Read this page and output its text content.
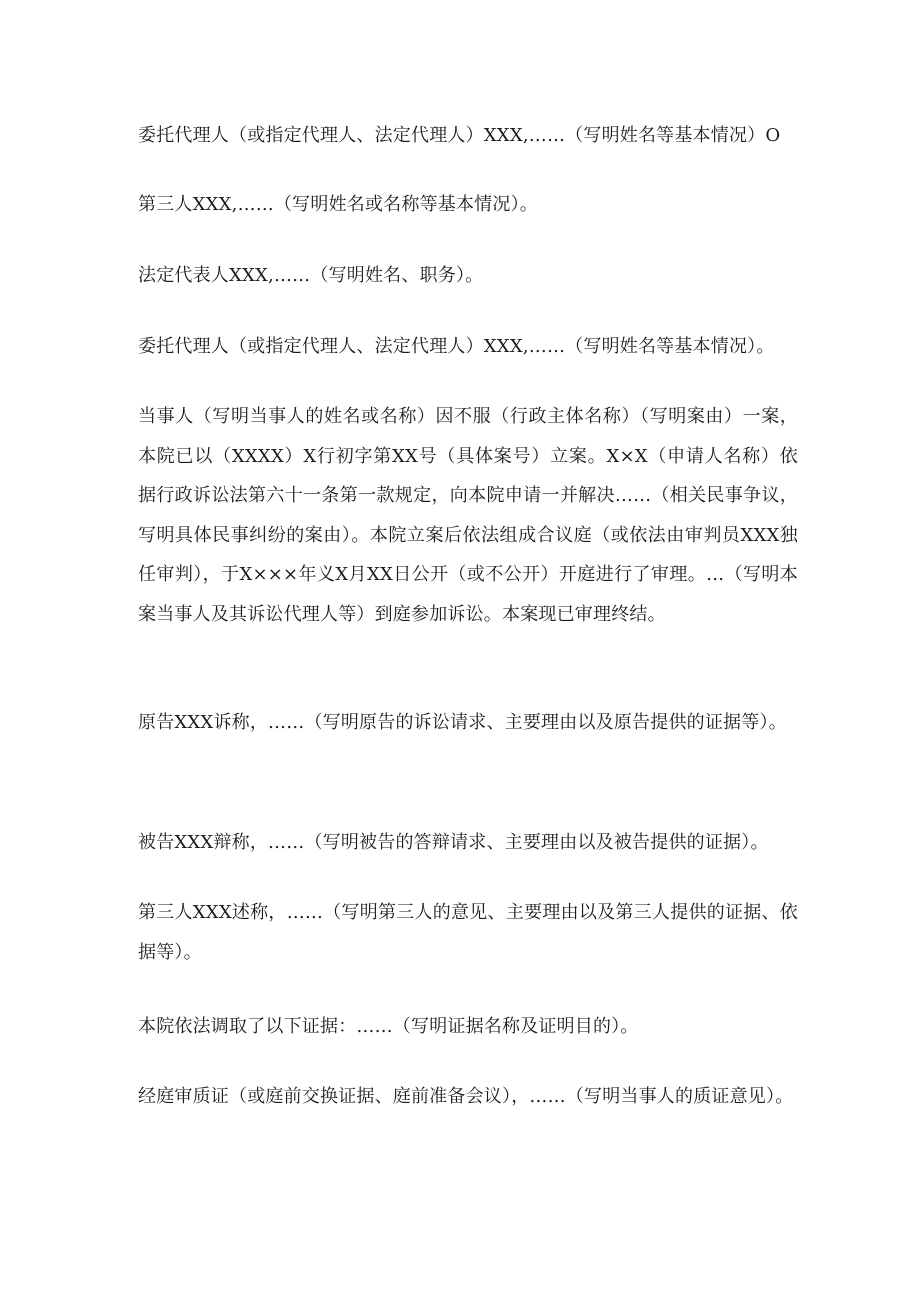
委托代理人（或指定代理人、法定代理人）XXX,……（写明姓名等基本情况）O

第三人XXX,……（写明姓名或名称等基本情况）。

法定代表人XXX,……（写明姓名、职务）。

委托代理人（或指定代理人、法定代理人）XXX,……（写明姓名等基本情况）。

当事人（写明当事人的姓名或名称）因不服（行政主体名称）（写明案由）一案，本院已以（XXXX）X行初字第XX号（具体案号）立案。X×X（申请人名称）依据行政诉讼法第六十一条第一款规定，向本院申请一并解决……（相关民事争议，写明具体民事纠纷的案由）。本院立案后依法组成合议庭（或依法由审判员XXX独任审判），于X×××年义X月XX日公开（或不公开）开庭进行了审理。…（写明本案当事人及其诉讼代理人等）到庭参加诉讼。本案现已审理终结。

原告XXX诉称，……（写明原告的诉讼请求、主要理由以及原告提供的证据等）。

被告XXX辩称，……（写明被告的答辩请求、主要理由以及被告提供的证据）。

第三人XXX述称，……（写明第三人的意见、主要理由以及第三人提供的证据、依据等）。

本院依法调取了以下证据：……（写明证据名称及证明目的）。

经庭审质证（或庭前交换证据、庭前准备会议），……（写明当事人的质证意见）。
